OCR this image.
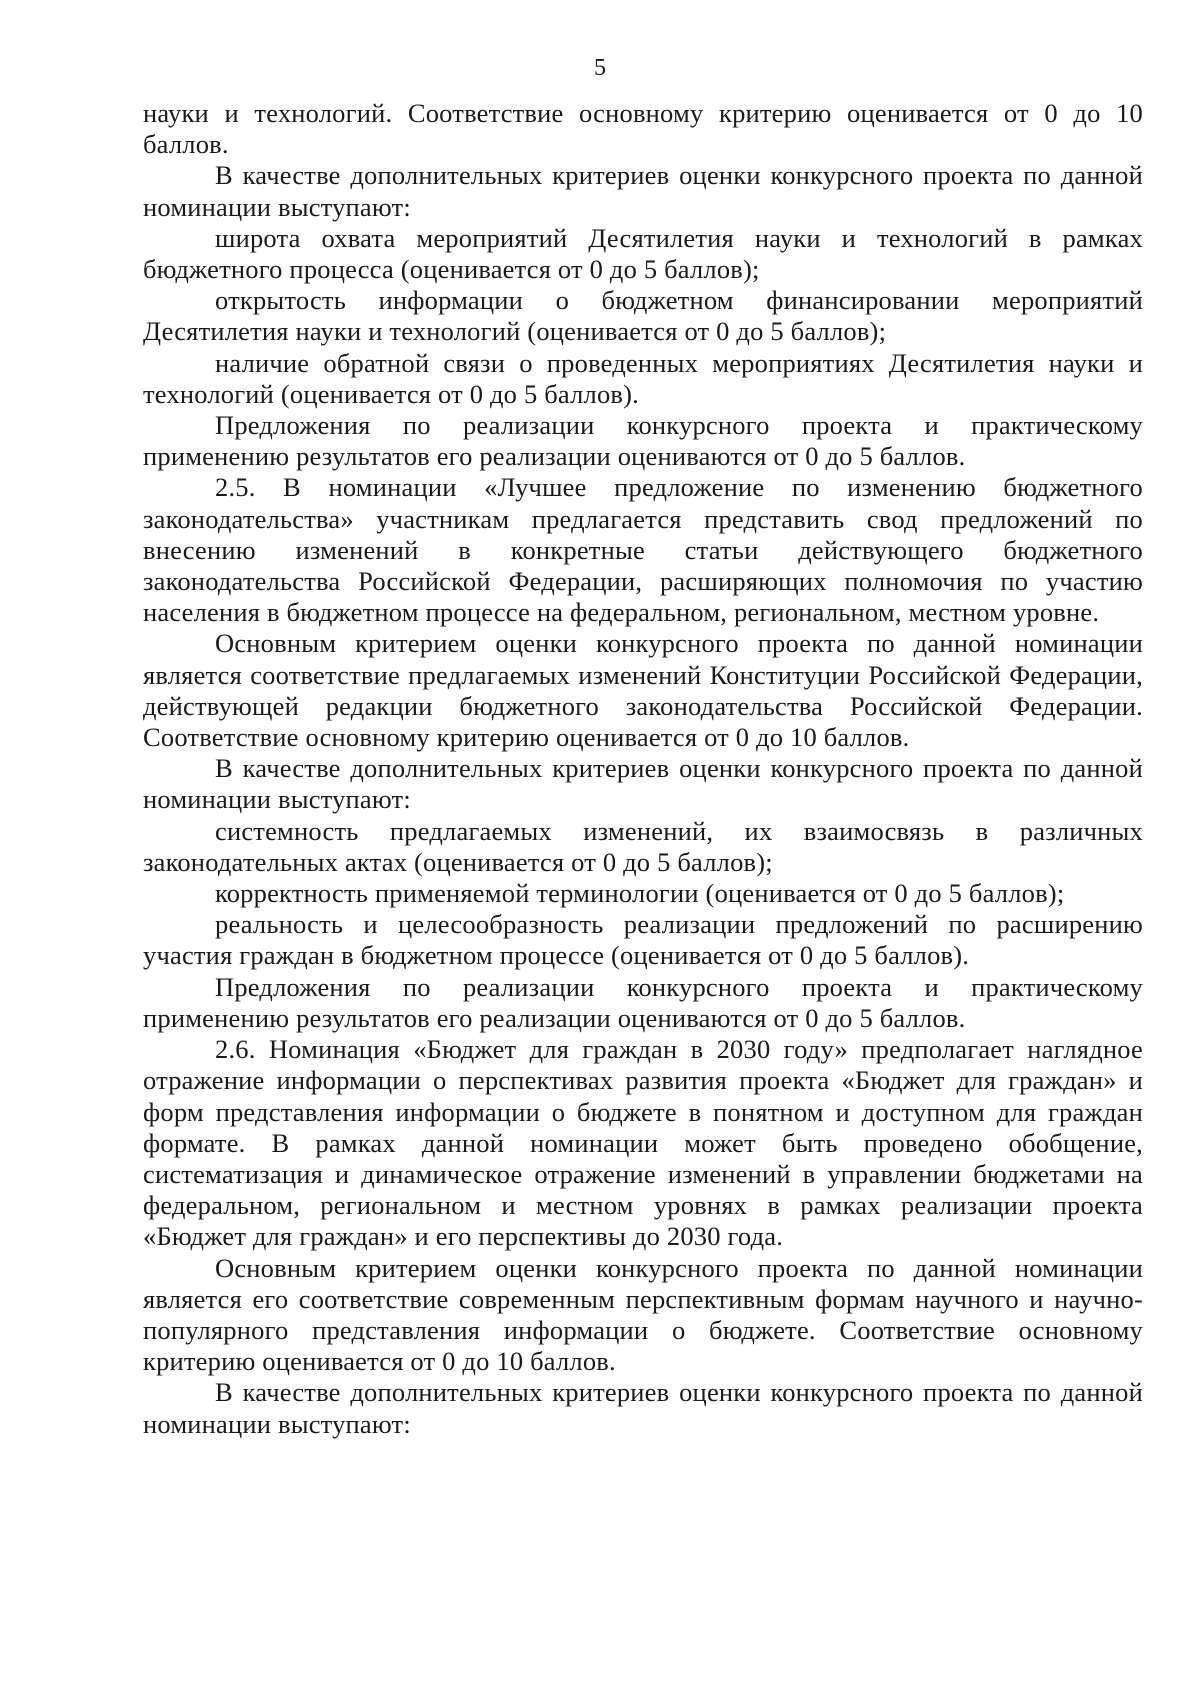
5

науки и технологий. Соответствие основному критерию оценивается от 0 до 10 баллов.

В качестве дополнительных критериев оценки конкурсного проекта по данной номинации выступают:

широта охвата мероприятий Десятилетия науки и технологий в рамках бюджетного процесса (оценивается от 0 до 5 баллов);

открытость информации о бюджетном финансировании мероприятий Десятилетия науки и технологий (оценивается от 0 до 5 баллов);

наличие обратной связи о проведенных мероприятиях Десятилетия науки и технологий (оценивается от 0 до 5 баллов).

Предложения по реализации конкурсного проекта и практическому применению результатов его реализации оцениваются от 0 до 5 баллов.

2.5. В номинации «Лучшее предложение по изменению бюджетного законодательства» участникам предлагается представить свод предложений по внесению изменений в конкретные статьи действующего бюджетного законодательства Российской Федерации, расширяющих полномочия по участию населения в бюджетном процессе на федеральном, региональном, местном уровне.

Основным критерием оценки конкурсного проекта по данной номинации является соответствие предлагаемых изменений Конституции Российской Федерации, действующей редакции бюджетного законодательства Российской Федерации. Соответствие основному критерию оценивается от 0 до 10 баллов.

В качестве дополнительных критериев оценки конкурсного проекта по данной номинации выступают:

системность предлагаемых изменений, их взаимосвязь в различных законодательных актах (оценивается от 0 до 5 баллов);

корректность применяемой терминологии (оценивается от 0 до 5 баллов);

реальность и целесообразность реализации предложений по расширению участия граждан в бюджетном процессе (оценивается от 0 до 5 баллов).

Предложения по реализации конкурсного проекта и практическому применению результатов его реализации оцениваются от 0 до 5 баллов.

2.6. Номинация «Бюджет для граждан в 2030 году» предполагает наглядное отражение информации о перспективах развития проекта «Бюджет для граждан» и форм представления информации о бюджете в понятном и доступном для граждан формате. В рамках данной номинации может быть проведено обобщение, систематизация и динамическое отражение изменений в управлении бюджетами на федеральном, региональном и местном уровнях в рамках реализации проекта «Бюджет для граждан» и его перспективы до 2030 года.

Основным критерием оценки конкурсного проекта по данной номинации является его соответствие современным перспективным формам научного и научно-популярного представления информации о бюджете. Соответствие основному критерию оценивается от 0 до 10 баллов.

В качестве дополнительных критериев оценки конкурсного проекта по данной номинации выступают:
